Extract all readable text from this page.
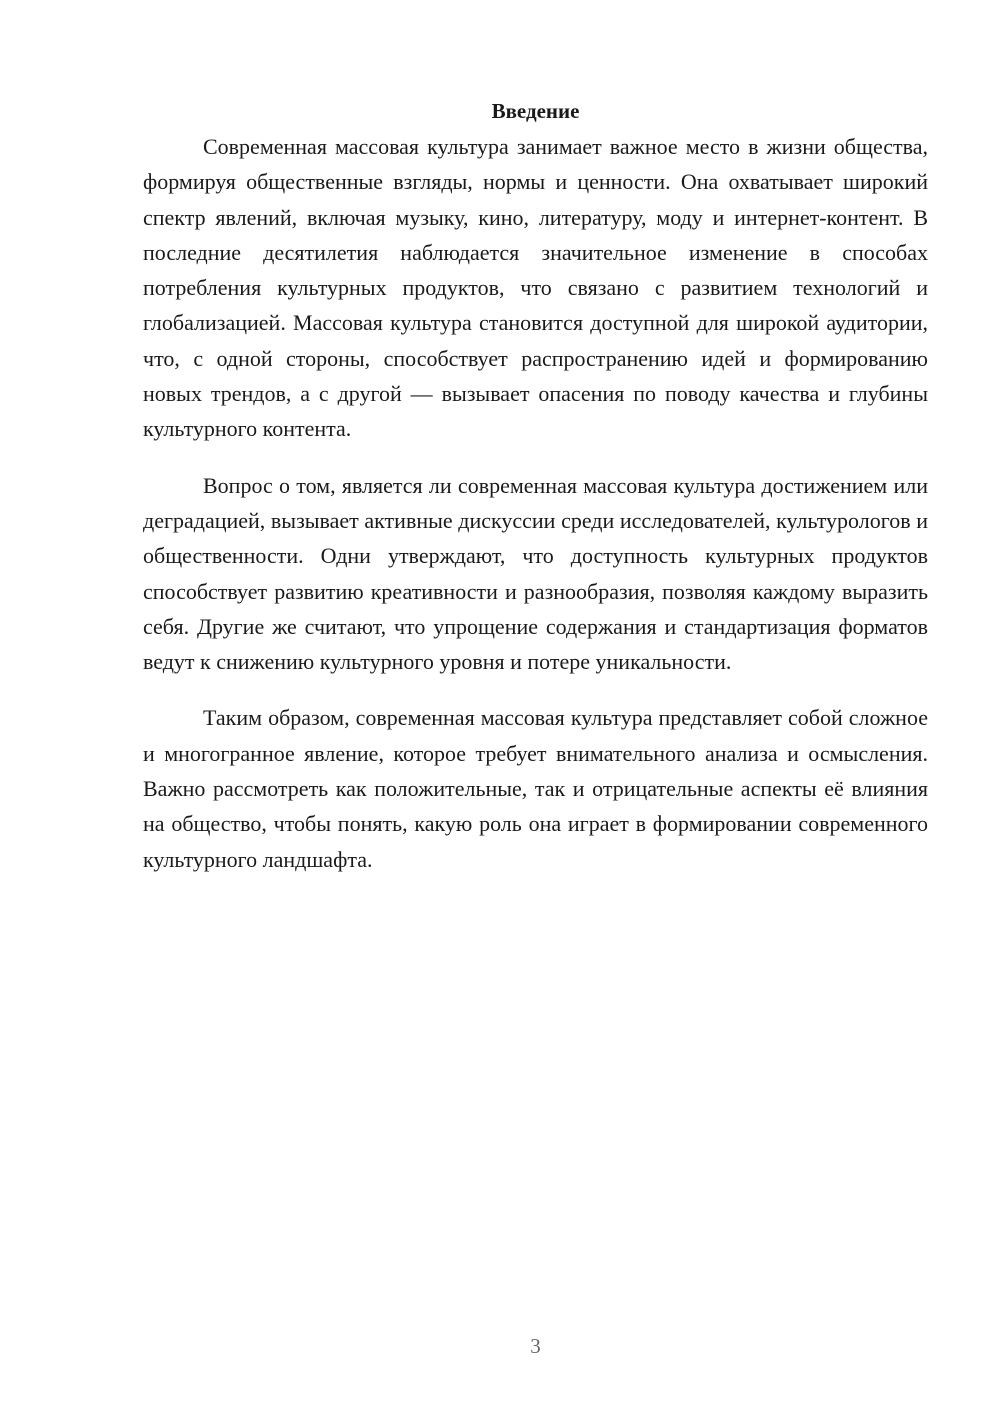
Введение

Современная массовая культура занимает важное место в жизни общества, формируя общественные взгляды, нормы и ценности. Она охватывает широкий спектр явлений, включая музыку, кино, литературу, моду и интернет-контент. В последние десятилетия наблюдается значительное изменение в способах потребления культурных продуктов, что связано с развитием технологий и глобализацией. Массовая культура становится доступной для широкой аудитории, что, с одной стороны, способствует распространению идей и формированию новых трендов, а с другой — вызывает опасения по поводу качества и глубины культурного контента.

Вопрос о том, является ли современная массовая культура достижением или деградацией, вызывает активные дискуссии среди исследователей, культурологов и общественности. Одни утверждают, что доступность культурных продуктов способствует развитию креативности и разнообразия, позволяя каждому выразить себя. Другие же считают, что упрощение содержания и стандартизация форматов ведут к снижению культурного уровня и потере уникальности.

Таким образом, современная массовая культура представляет собой сложное и многогранное явление, которое требует внимательного анализа и осмысления. Важно рассмотреть как положительные, так и отрицательные аспекты её влияния на общество, чтобы понять, какую роль она играет в формировании современного культурного ландшафта.

3
